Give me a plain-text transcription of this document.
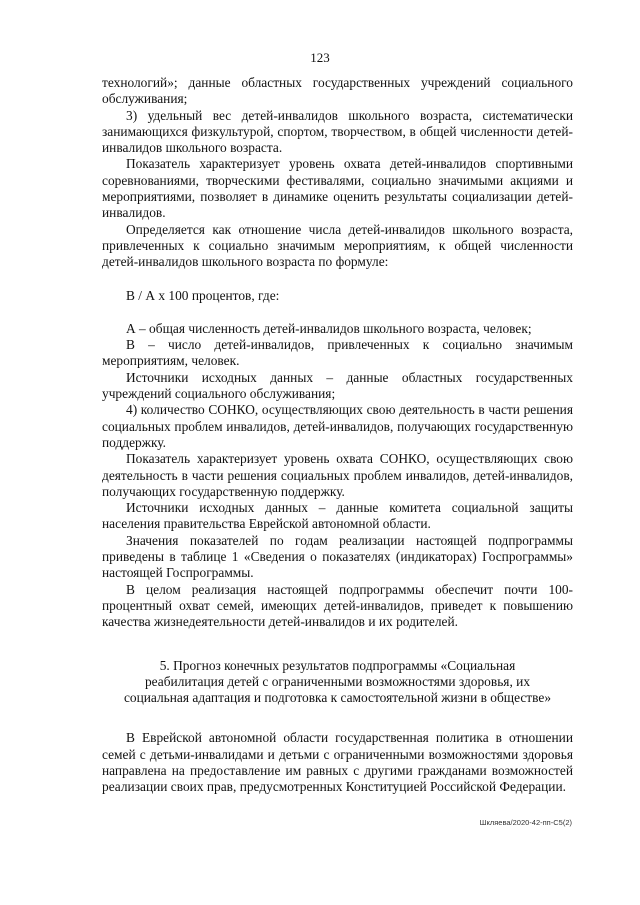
123

технологий»; данные областных государственных учреждений социального обслуживания;

3) удельный вес детей-инвалидов школьного возраста, систематически занимающихся физкультурой, спортом, творчеством, в общей численности детей-инвалидов школьного возраста.

Показатель характеризует уровень охвата детей-инвалидов спортивными соревнованиями, творческими фестивалями, социально значимыми акциями и мероприятиями, позволяет в динамике оценить результаты социализации детей-инвалидов.

Определяется как отношение числа детей-инвалидов школьного возраста, привлеченных к социально значимым мероприятиям, к общей численности детей-инвалидов школьного возраста по формуле:

В / А x 100 процентов, где:

А – общая численность детей-инвалидов школьного возраста, человек;

В – число детей-инвалидов, привлеченных к социально значимым мероприятиям, человек.

Источники исходных данных – данные областных государственных учреждений социального обслуживания;

4) количество СОНКО, осуществляющих свою деятельность в части решения социальных проблем инвалидов, детей-инвалидов, получающих государственную поддержку.

Показатель характеризует уровень охвата СОНКО, осуществляющих свою деятельность в части решения социальных проблем инвалидов, детей-инвалидов, получающих государственную поддержку.

Источники исходных данных – данные комитета социальной защиты населения правительства Еврейской автономной области.

Значения показателей по годам реализации настоящей подпрограммы приведены в таблице 1 «Сведения о показателях (индикаторах) Госпрограммы» настоящей Госпрограммы.

В целом реализация настоящей подпрограммы обеспечит почти 100-процентный охват семей, имеющих детей-инвалидов, приведет к повышению качества жизнедеятельности детей-инвалидов и их родителей.

5. Прогноз конечных результатов подпрограммы «Социальная реабилитация детей с ограниченными возможностями здоровья, их социальная адаптация и подготовка к самостоятельной жизни в обществе»

В Еврейской автономной области государственная политика в отношении семей с детьми-инвалидами и детьми с ограниченными возможностями здоровья направлена на предоставление им равных с другими гражданами возможностей реализации своих прав, предусмотренных Конституцией Российской Федерации.

Шкляева/2020-42-пп-С5(2)
